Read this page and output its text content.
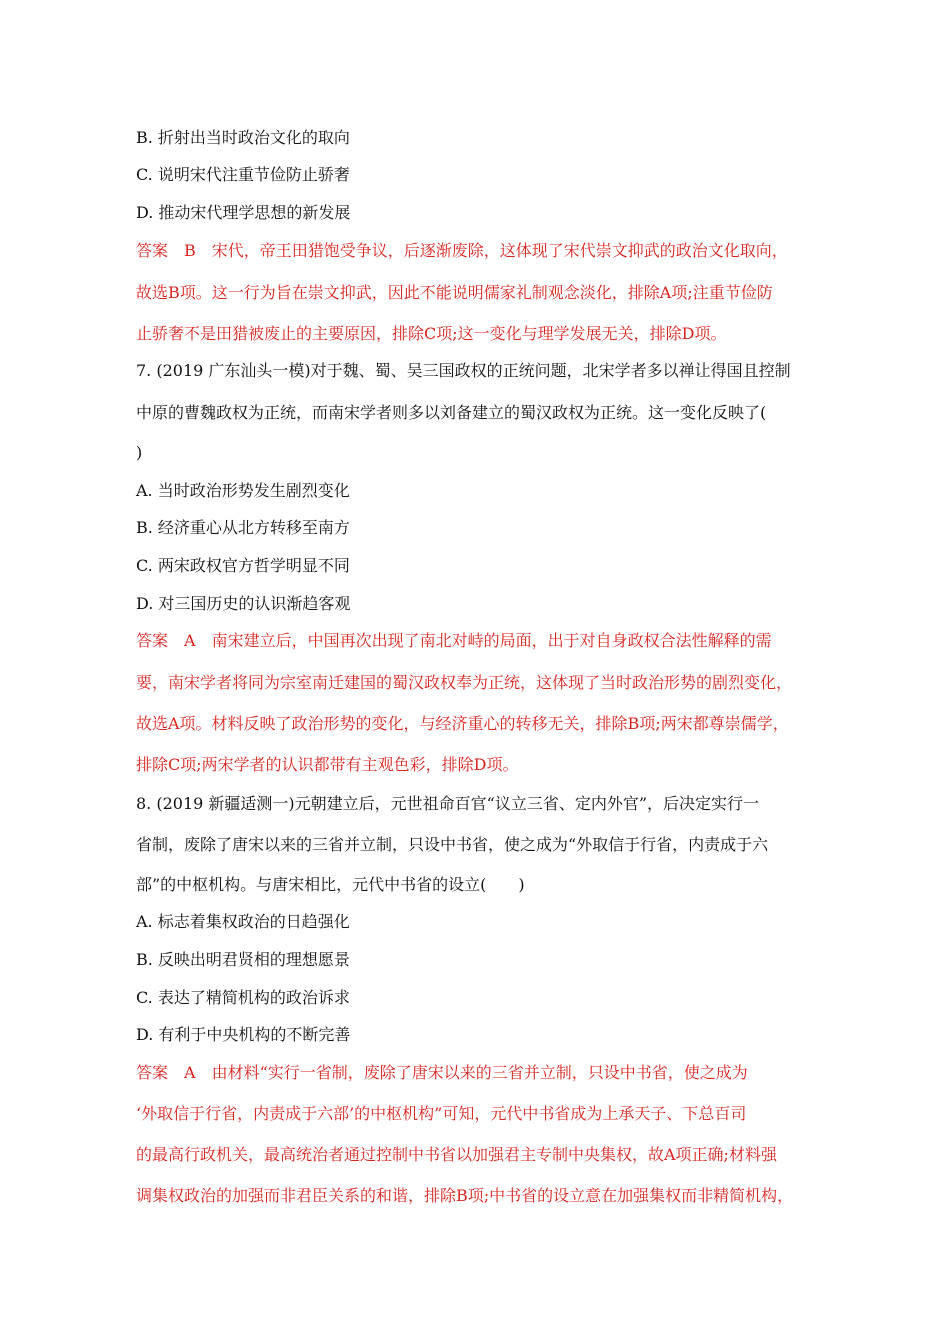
B. 折射出当时政治文化的取向
C. 说明宋代注重节俭防止骄奢
D. 推动宋代理学思想的新发展
答案 B 宋代，帝王田猎饱受争议，后逐渐废除，这体现了宋代崇文抑武的政治文化取向，
故选B项。这一行为旨在崇文抑武，因此不能说明儒家礼制观念淡化，排除A项;注重节俭防
止骄奢不是田猎被废止的主要原因，排除C项;这一变化与理学发展无关，排除D项。
7. (2019 广东汕头一模)对于魏、蜀、吴三国政权的正统问题，北宋学者多以禅让得国且控制
中原的曹魏政权为正统，而南宋学者则多以刘备建立的蜀汉政权为正统。这一变化反映了(
)
A. 当时政治形势发生剧烈变化
B. 经济重心从北方转移至南方
C. 两宋政权官方哲学明显不同
D. 对三国历史的认识渐趋客观
答案 A 南宋建立后，中国再次出现了南北对峙的局面，出于对自身政权合法性解释的需
要，南宋学者将同为宗室南迁建国的蜀汉政权奉为正统，这体现了当时政治形势的剧烈变化，
故选A项。材料反映了政治形势的变化，与经济重心的转移无关，排除B项;两宋都尊崇儒学，
排除C项;两宋学者的认识都带有主观色彩，排除D项。
8. (2019 新疆适测一)元朝建立后，元世祖命百官“议立三省、定内外官”，后决定实行一
省制，废除了唐宋以来的三省并立制，只设中书省，使之成为“外取信于行省，内责成于六
部”的中枢机构。与唐宋相比，元代中书省的设立(　　)
A. 标志着集权政治的日趋强化
B. 反映出明君贤相的理想愿景
C. 表达了精简机构的政治诉求
D. 有利于中央机构的不断完善
答案 A 由材料“实行一省制，废除了唐宋以来的三省并立制，只设中书省，使之成为
‘外取信于行省，内责成于六部’的中枢机构”可知，元代中书省成为上承天子、下总百司
的最高行政机关，最高统治者通过控制中书省以加强君主专制中央集权，故A项正确;材料强
调集权政治的加强而非君臣关系的和谐，排除B项;中书省的设立意在加强集权而非精简机构，
